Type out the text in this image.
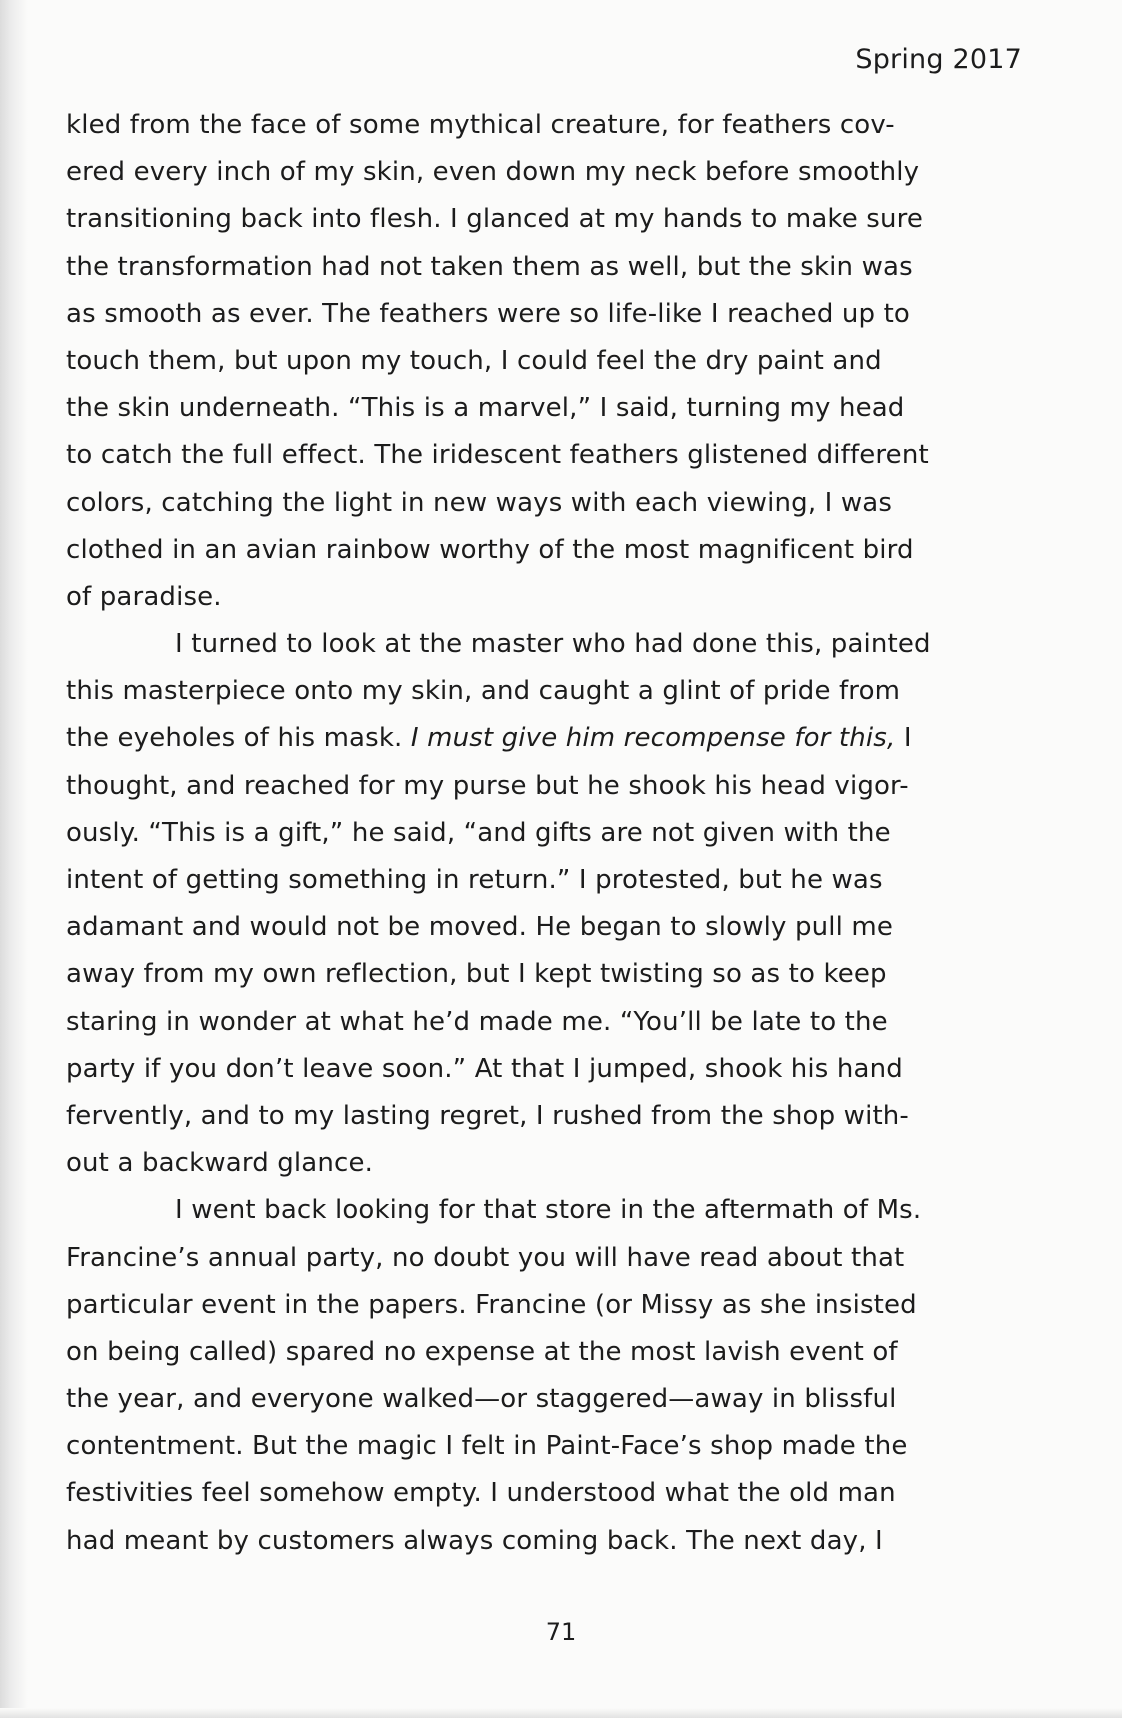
Spring 2017
kled from the face of some mythical creature, for feathers cov-
ered every inch of my skin, even down my neck before smoothly
transitioning back into flesh. I glanced at my hands to make sure
the transformation had not taken them as well, but the skin was
as smooth as ever. The feathers were so life-like I reached up to
touch them, but upon my touch, I could feel the dry paint and
the skin underneath. “This is a marvel,” I said, turning my head
to catch the full effect. The iridescent feathers glistened different
colors, catching the light in new ways with each viewing, I was
clothed in an avian rainbow worthy of the most magnificent bird
of paradise.
I turned to look at the master who had done this, painted
this masterpiece onto my skin, and caught a glint of pride from
the eyeholes of his mask. I must give him recompense for this, I
thought, and reached for my purse but he shook his head vigor-
ously. “This is a gift,” he said, “and gifts are not given with the
intent of getting something in return.” I protested, but he was
adamant and would not be moved. He began to slowly pull me
away from my own reflection, but I kept twisting so as to keep
staring in wonder at what he’d made me. “You’ll be late to the
party if you don’t leave soon.” At that I jumped, shook his hand
fervently, and to my lasting regret, I rushed from the shop with-
out a backward glance.
I went back looking for that store in the aftermath of Ms.
Francine’s annual party, no doubt you will have read about that
particular event in the papers. Francine (or Missy as she insisted
on being called) spared no expense at the most lavish event of
the year, and everyone walked—or staggered—away in blissful
contentment. But the magic I felt in Paint-Face’s shop made the
festivities feel somehow empty. I understood what the old man
had meant by customers always coming back. The next day, I
71
